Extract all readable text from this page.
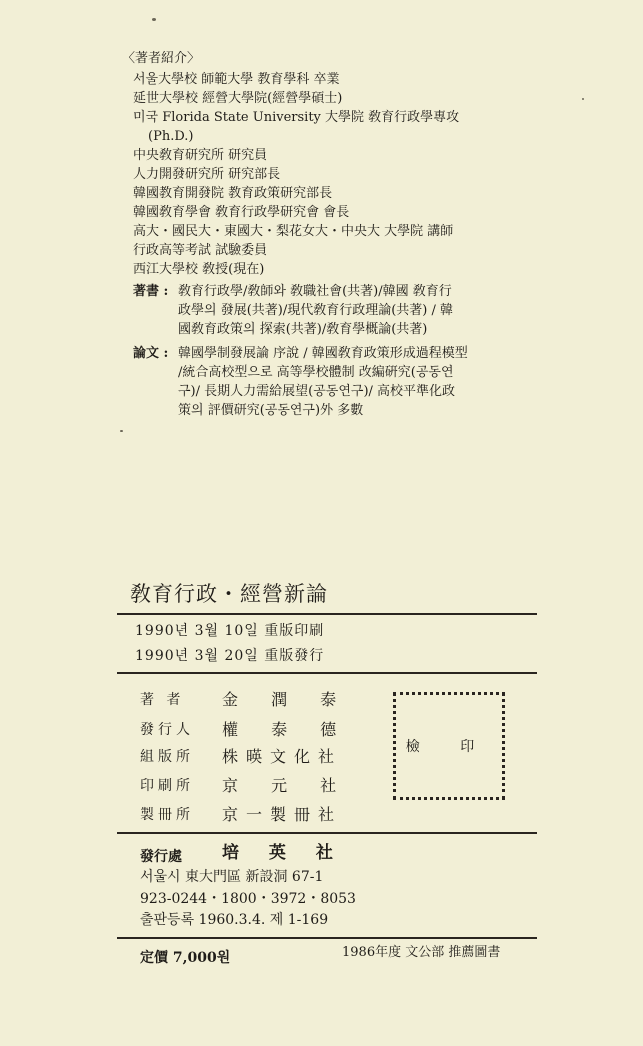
〈著者紹介〉
서울大學校 師範大學 教育學科 卒業
延世大學校 經營大學院(經營學碩士)
미국 Florida State University 大學院 敎育行政學專攻
(Ph.D.)
中央敎育研究所 研究員
人力開發研究所 研究部長
韓國教育開發院 教育政策研究部長
韓國敎育學會 敎育行政學研究會 會長
高大・國民大・東國大・梨花女大・中央大 大學院 講師
行政高等考試 試驗委員
西江大學校 敎授(現在)
著書 : 敎育行政學/敎師와 敎職社會(共著)/韓國 敎育行
政學의 發展(共著)/現代敎育行政理論(共著) / 韓
國敎育政策의 探索(共著)/敎育學概論(共著)
論文 : 韓國學制發展論 序說 / 韓國敎育政策形成過程模型
/統合高校型으로 高等學校體制 改編硏究(공동연
구)/ 長期人力需給展望(공동연구)/ 高校平準化政
策의 評價研究(공동연구)外 多數
敎育行政・經營新論
1990년 3월 10일 重版印刷
1990년 3월 20일 重版發行
著 者 金 潤 泰
發行人 權 泰 德
組版所 株暎文化社
印刷所 京 元 社
製冊所 京一製冊社
檢 印
發行處 培 英 社
서울시 東大門區 新設洞 67-1
923-0244・1800・3972・8053
출판등록 1960.3.4. 제 1-169
定價 7,000원	1986年度 文公部 推薦圖書
